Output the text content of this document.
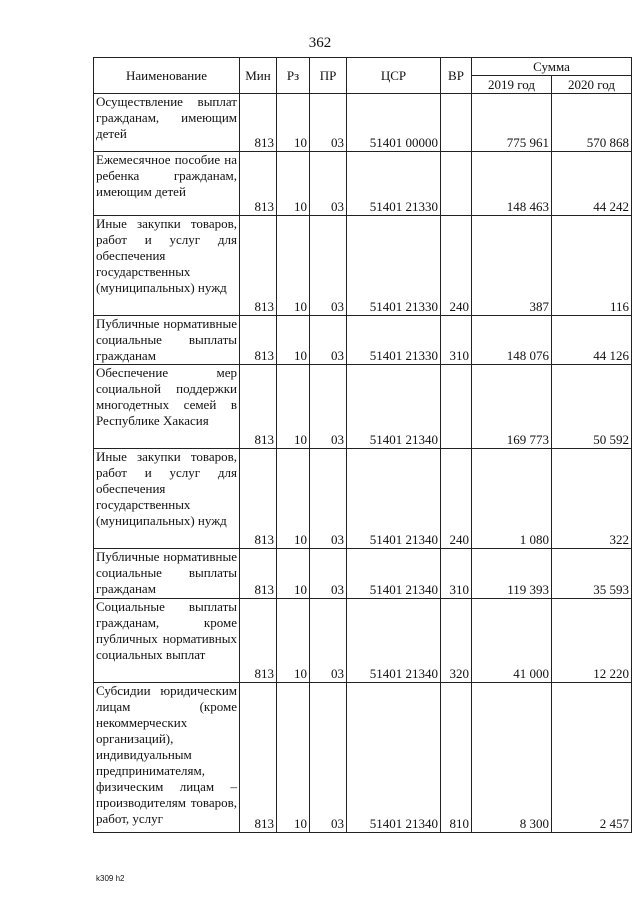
362
Наименование	Мин	Рз	ПР	ЦСР	ВР	Сумма	
						2019 год	2020 год
Осуществление выплат гражданам, имеющим детей	813	10	03	51401 00000		775 961	570 868
Ежемесячное пособие на ребенка гражданам, имеющим детей	813	10	03	51401 21330		148 463	44 242
Иные закупки товаров, работ и услуг для обеспечения государственных (муниципальных) нужд	813	10	03	51401 21330	240	387	116
Публичные нормативные социальные выплаты гражданам	813	10	03	51401 21330	310	148 076	44 126
Обеспечение мер социальной поддержки многодетных семей в Республике Хакасия	813	10	03	51401 21340		169 773	50 592
Иные закупки товаров, работ и услуг для обеспечения государственных (муниципальных) нужд	813	10	03	51401 21340	240	1 080	322
Публичные нормативные социальные выплаты гражданам	813	10	03	51401 21340	310	119 393	35 593
Социальные выплаты гражданам, кроме публичных нормативных социальных выплат	813	10	03	51401 21340	320	41 000	12 220
Субсидии юридическим лицам (кроме некоммерческих организаций), индивидуальным предпринимателям, физическим лицам – производителям товаров, работ, услуг	813	10	03	51401 21340	810	8 300	2 457
k309 h2
